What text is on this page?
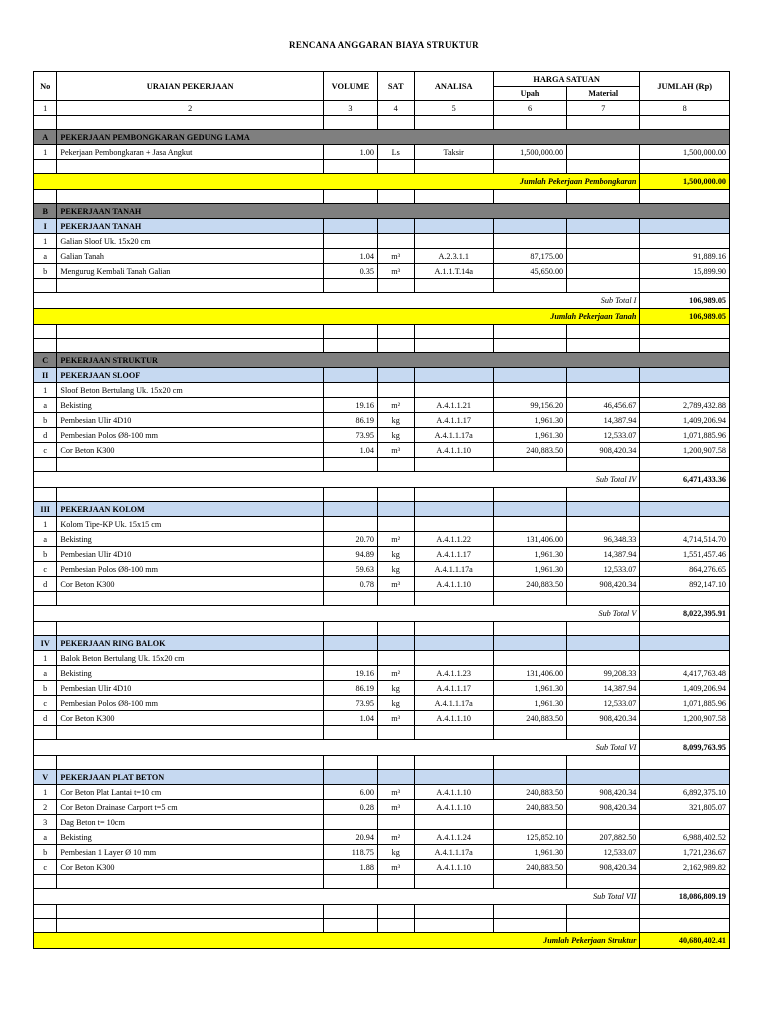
RENCANA ANGGARAN BIAYA STRUKTUR
No	URAIAN PEKERJAAN	VOLUME	SAT	ANALISA	HARGA SATUAN		JUMLAH (Rp)
					Upah	Material	
1	2	3	4	5	6	7	8

A	PEKERJAAN PEMBONGKARAN GEDUNG LAMA						
1	Pekerjaan Pembongkaran + Jasa Angkut	1.00	Ls	Taksir	1,500,000.00		1,500,000.00

Jumlah Pekerjaan Pembongkaran							1,500,000.00

B	PEKERJAAN TANAH						
I	PEKERJAAN TANAH						
1	Galian Sloof Uk. 15x20 cm						
a	Galian Tanah	1.04	m³	A.2.3.1.1	87,175.00		91,889.16
b	Mengurug Kembali Tanah Galian	0.35	m³	A.1.1.T.14a	45,650.00		15,899.90

Sub Total I							106,989.05
Jumlah Pekerjaan Tanah							106,989.05

C	PEKERJAAN STRUKTUR						
II	PEKERJAAN SLOOF						
1	Sloof Beton Bertulang Uk. 15x20 cm						
a	Bekisting	19.16	m²	A.4.1.1.21	99,156.20	46,456.67	2,789,432.88
b	Pembesian Ulir 4D10	86.19	kg	A.4.1.1.17	1,961.30	14,387.94	1,409,206.94
d	Pembesian Polos Ø8-100 mm	73.95	kg	A.4.1.1.17a	1,961.30	12,533.07	1,071,885.96
c	Cor Beton K300	1.04	m³	A.4.1.1.10	240,883.50	908,420.34	1,200,907.58

Sub Total IV							6,471,433.36

III	PEKERJAAN KOLOM						
1	Kolom Tipe-KP Uk. 15x15 cm						
a	Bekisting	20.70	m²	A.4.1.1.22	131,406.00	96,348.33	4,714,514.70
b	Pembesian Ulir 4D10	94.89	kg	A.4.1.1.17	1,961.30	14,387.94	1,551,457.46
c	Pembesian Polos Ø8-100 mm	59.63	kg	A.4.1.1.17a	1,961.30	12,533.07	864,276.65
d	Cor Beton K300	0.78	m³	A.4.1.1.10	240,883.50	908,420.34	892,147.10

Sub Total V							8,022,395.91

IV	PEKERJAAN RING BALOK						
1	Balok Beton Bertulang Uk. 15x20 cm						
a	Bekisting	19.16	m²	A.4.1.1.23	131,406.00	99,208.33	4,417,763.48
b	Pembesian Ulir 4D10	86.19	kg	A.4.1.1.17	1,961.30	14,387.94	1,409,206.94
c	Pembesian Polos Ø8-100 mm	73.95	kg	A.4.1.1.17a	1,961.30	12,533.07	1,071,885.96
d	Cor Beton K300	1.04	m³	A.4.1.1.10	240,883.50	908,420.34	1,200,907.58

Sub Total VI							8,099,763.95

V	PEKERJAAN PLAT BETON						
1	Cor Beton Plat Lantai t=10 cm	6.00	m³	A.4.1.1.10	240,883.50	908,420.34	6,892,375.10
2	Cor Beton Drainase Carport t=5 cm	0.28	m³	A.4.1.1.10	240,883.50	908,420.34	321,805.07
3	Dag Beton t= 10cm						
a	Bekisting	20.94	m²	A.4.1.1.24	125,852.10	207,882.50	6,988,402.52
b	Pembesian 1 Layer Ø 10 mm	118.75	kg	A.4.1.1.17a	1,961.30	12,533.07	1,721,236.67
c	Cor Beton K300	1.88	m³	A.4.1.1.10	240,883.50	908,420.34	2,162,989.82

Sub Total VII							18,086,809.19

Jumlah Pekerjaan Struktur							40,680,402.41
